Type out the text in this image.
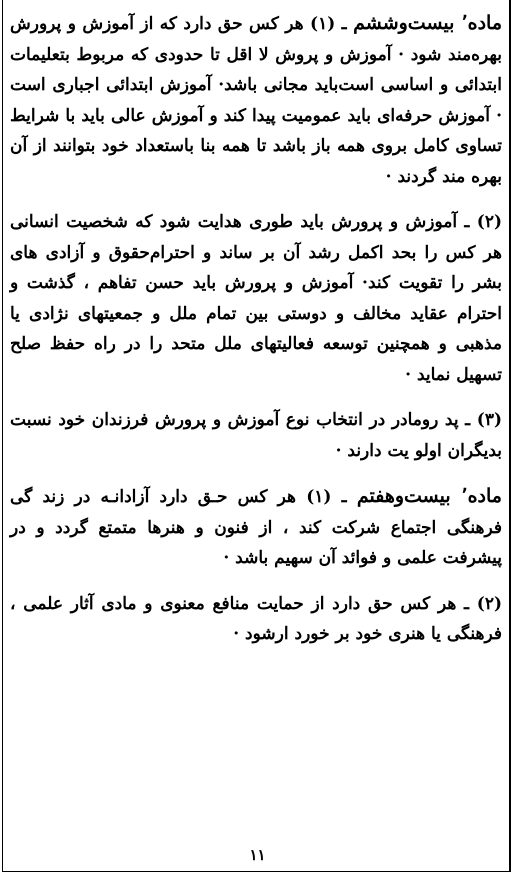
ماده٬ بیست‌وششم ـ (۱) هر کس حق دارد که از آموزش و پرورش بهره‌مند شود · آموزش و پروش لا اقل تا حدودی که مربوط بتعلیمات ابتدائی و اساسی است‌باید مجانی باشد· آموزش ابتدائی اجباری است · آموزش حرفه‌ای باید عمومیت پیدا کند و آموزش عالی باید با شرایط تساوی کامل بروی همه باز باشد تا همه بنا باستعداد خود بتوانند از آن بهره مند گردند ·

(۲) ـ آموزش و پرورش باید طوری هدایت شود که شخصیت انسانی هر کس را بحد اکمل رشد آن بر ساند و احترام‌حقوق و آزادی های بشر را تقویت کند· آموزش و پرورش باید حسن تفاهم ، گذشت و احترام عقاید مخالف و دوستی بین تمام ملل و جمعیتهای نژادی یا مذهبی و همچنین توسعه فعالیتهای ملل متحد را در راه حفظ صلح تسهیل نماید ·

(۳) ـ پد رومادر در انتخاب نوع آموزش و پرورش فرزندان خود نسبت بدیگران اولو یت دارند ·

ماده٬ بیست‌وهفتم ـ (۱) هر کس حـق دارد آزادانـه در زند گی فرهنگی اجتماع شرکت کند ، از فنون و هنرها متمتع گردد و در پیشرفت علمی و فوائد آن سهیم باشد ·

(۲) ـ هر کس حق دارد از حمایت منافع معنوی و مادی آثار علمی ، فرهنگی یا هنری خود بر خورد ارشود ·

۱۱
